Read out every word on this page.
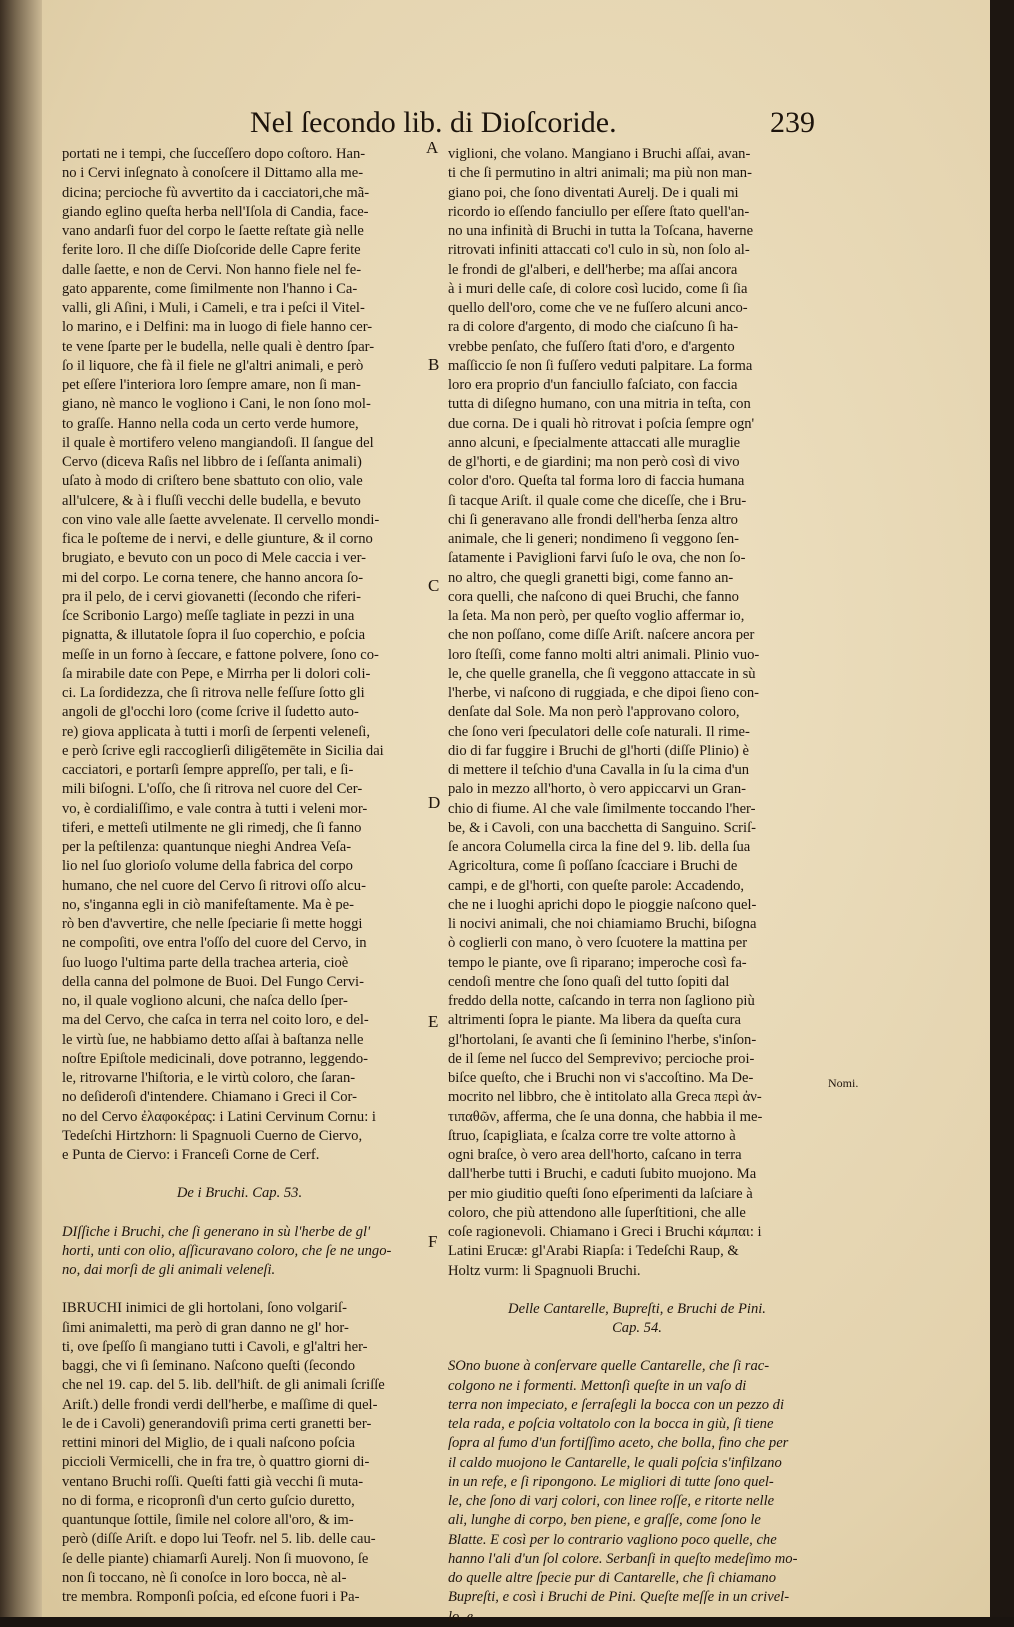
Nel ſecondo lib. di Dioſcoride.	239
portati ne i tempi, che ſucceſſero dopo coſtoro. Han-
no i Cervi inſegnato à conoſcere il Dittamo alla me-
dicina; percioche fù avvertito da i cacciatori,che mã-
giando eglino queſta herba nell'Iſola di Candia, face-
vano andarſi fuor del corpo le ſaette reſtate già nelle
ferite loro. Il che diſſe Dioſcoride delle Capre ferite
dalle ſaette, e non de Cervi. Non hanno fiele nel fe-
gato apparente, come ſimilmente non l'hanno i Ca-
valli, gli Aſini, i Muli, i Cameli, e tra i peſci il Vitel-
lo marino, e i Delfini: ma in luogo di fiele hanno cer-
te vene ſparte per le budella, nelle quali è dentro ſpar-
ſo il liquore, che fà il fiele ne gl'altri animali, e però
pet eſſere l'interiora loro ſempre amare, non ſi man-
giano, nè manco le vogliono i Cani, le non ſono mol-
to graſſe. Hanno nella coda un certo verde humore,
il quale è mortifero veleno mangiandoſi. Il ſangue del
Cervo (diceva Raſis nel libbro de i ſeſſanta animali)
uſato à modo di criſtero bene sbattuto con olio, vale
all'ulcere, & à i fluſſi vecchi delle budella, e bevuto
con vino vale alle ſaette avvelenate. Il cervello mondi-
fica le poſteme de i nervi, e delle giunture, & il corno
brugiato, e bevuto con un poco di Mele caccia i ver-
mi del corpo. Le corna tenere, che hanno ancora ſo-
pra il pelo, de i cervi giovanetti (ſecondo che riferi-
ſce Scribonio Largo) meſſe tagliate in pezzi in una
pignatta, & illutatole ſopra il ſuo coperchio, e poſcia
meſſe in un forno à ſeccare, e fattone polvere, ſono co-
ſa mirabile date con Pepe, e Mirrha per li dolori coli-
ci. La ſordidezza, che ſi ritrova nelle feſſure ſotto gli
angoli de gl'occhi loro (come ſcrive il ſudetto auto-
re) giova applicata à tutti i morſi de ſerpenti veleneſi,
e però ſcrive egli raccoglierſi diligētemēte in Sicilia dai
cacciatori, e portarſi ſempre appreſſo, per tali, e ſi-
mili biſogni. L'oſſo, che ſi ritrova nel cuore del Cer-
vo, è cordialiſſimo, e vale contra à tutti i veleni mor-
tiferi, e metteſi utilmente ne gli rimedj, che ſi fanno
per la peſtilenza: quantunque nieghi Andrea Veſa-
lio nel ſuo glorioſo volume della fabrica del corpo
humano, che nel cuore del Cervo ſi ritrovi oſſo alcu-
no, s'inganna egli in ciò manifeſtamente. Ma è pe-
rò ben d'avvertire, che nelle ſpeciarie ſi mette hoggi
ne compoſiti, ove entra l'oſſo del cuore del Cervo, in
ſuo luogo l'ultima parte della trachea arteria, cioè
della canna del polmone de Buoi. Del Fungo Cervi-
no, il quale vogliono alcuni, che naſca dello ſper-
ma del Cervo, che caſca in terra nel coito loro, e del-
le virtù ſue, ne habbiamo detto aſſai à baſtanza nelle
noſtre Epiſtole medicinali, dove potranno, leggendo-
le, ritrovarne l'hiſtoria, e le virtù coloro, che ſaran-
no deſideroſi d'intendere. Chiamano i Greci il Cor-
no del Cervo ἐλαφοκέρας: i Latini Cervinum Cornu: i
Tedeſchi Hirtzhorn: li Spagnuoli Cuerno de Ciervo,
e Punta de Ciervo: i Franceſi Corne de Cerf.
De i Bruchi. Cap. 53.
DIſſiche i Bruchi, che ſi generano in sù l'herbe de gl'
horti, unti con olio, aſſicuravano coloro, che ſe ne ungo-
no, dai morſi de gli animali veleneſi.
IBRUCHI inimici de gli hortolani, ſono volgariſ-
ſimi animaletti, ma però di gran danno ne gl' hor-
ti, ove ſpeſſo ſi mangiano tutti i Cavoli, e gl'altri her-
baggi, che vi ſi ſeminano. Naſcono queſti (ſecondo
che nel 19. cap. del 5. lib. dell'hiſt. de gli animali ſcriſſe
Ariſt.) delle frondi verdi dell'herbe, e maſſime di quel-
le de i Cavoli) generandoviſi prima certi granetti ber-
rettini minori del Miglio, de i quali naſcono poſcia
piccioli Vermicelli, che in fra tre, ò quattro giorni di-
ventano Bruchi roſſi. Queſti fatti già vecchi ſi muta-
no di forma, e ricopronſi d'un certo guſcio duretto,
quantunque ſottile, ſimile nel colore all'oro, & im-
però (diſſe Ariſt. e dopo lui Teofr. nel 5. lib. delle cau-
ſe delle piante) chiamarſi Aurelj. Non ſi muovono, ſe
non ſi toccano, nè ſi conoſce in loro bocca, nè al-
tre membra. Romponſi poſcia, ed eſcone fuori i Pa-
viglioni, che volano. Mangiano i Bruchi aſſai, avan-
ti che ſi permutino in altri animali; ma più non man-
giano poi, che ſono diventati Aurelj. De i quali mi
ricordo io eſſendo fanciullo per eſſere ſtato quell'an-
no una infinità di Bruchi in tutta la Toſcana, haverne
ritrovati infiniti attaccati co'l culo in sù, non ſolo al-
le frondi de gl'alberi, e dell'herbe; ma aſſai ancora
à i muri delle caſe, di colore così lucido, come ſi ſia
quello dell'oro, come che ve ne fuſſero alcuni anco-
ra di colore d'argento, di modo che ciaſcuno ſi ha-
vrebbe penſato, che fuſſero ſtati d'oro, e d'argento
maſſiccio ſe non ſi fuſſero veduti palpitare. La forma
loro era proprio d'un fanciullo faſciato, con faccia
tutta di diſegno humano, con una mitria in teſta, con
due corna. De i quali hò ritrovat i poſcia ſempre ogn'
anno alcuni, e ſpecialmente attaccati alle muraglie
de gl'horti, e de giardini; ma non però così di vivo
color d'oro. Queſta tal forma loro di faccia humana
ſi tacque Ariſt. il quale come che diceſſe, che i Bru-
chi ſi generavano alle frondi dell'herba ſenza altro
animale, che li generi; nondimeno ſi veggono ſen-
ſatamente i Paviglioni farvi ſuſo le ova, che non ſo-
no altro, che quegli granetti bigi, come fanno an-
cora quelli, che naſcono di quei Bruchi, che fanno
la ſeta. Ma non però, per queſto voglio affermar io,
che non poſſano, come diſſe Ariſt. naſcere ancora per
loro ſteſſi, come fanno molti altri animali. Plinio vuo-
le, che quelle granella, che ſi veggono attaccate in sù
l'herbe, vi naſcono di ruggiada, e che dipoi ſieno con-
denſate dal Sole. Ma non però l'approvano coloro,
che ſono veri ſpeculatori delle coſe naturali. Il rime-
dio di far fuggire i Bruchi de gl'horti (diſſe Plinio) è
di mettere il teſchio d'una Cavalla in ſu la cima d'un
palo in mezzo all'horto, ò vero appiccarvi un Gran-
chio di fiume. Al che vale ſimilmente toccando l'her-
be, & i Cavoli, con una bacchetta di Sanguino. Scriſ-
ſe ancora Columella circa la fine del 9. lib. della ſua
Agricoltura, come ſi poſſano ſcacciare i Bruchi de
campi, e de gl'horti, con queſte parole: Accadendo,
che ne i luoghi aprichi dopo le pioggie naſcono quel-
li nocivi animali, che noi chiamiamo Bruchi, biſogna
ò coglierli con mano, ò vero ſcuotere la mattina per
tempo le piante, ove ſi riparano; imperoche così fa-
cendoſi mentre che ſono quaſi del tutto ſopiti dal
freddo della notte, caſcando in terra non ſagliono più
altrimenti ſopra le piante. Ma libera da queſta cura
gl'hortolani, ſe avanti che ſi ſeminino l'herbe, s'inſon-
de il ſeme nel ſucco del Semprevivo; percioche proi-
biſce queſto, che i Bruchi non vi s'accoſtino. Ma De-
mocrito nel libbro, che è intitolato alla Greca περὶ ἀν-
τιπαθῶν, afferma, che ſe una donna, che habbia il me-
ſtruo, ſcapigliata, e ſcalza corre tre volte attorno à
ogni braſce, ò vero area dell'horto, caſcano in terra
dall'herbe tutti i Bruchi, e caduti ſubito muojono. Ma
per mio giuditio queſti ſono eſperimenti da laſciare à
coloro, che più attendono alle ſuperſtitioni, che alle
coſe ragionevoli. Chiamano i Greci i Bruchi κάμπαι: i
Latini Erucæ: gl'Arabi Riapſa: i Tedeſchi Raup, &
Holtz vurm: li Spagnuoli Bruchi.
Delle Cantarelle, Bupreſti, e Bruchi de Pini.
Cap. 54.
SOno buone à conſervare quelle Cantarelle, che ſi rac-
colgono ne i formenti. Mettonſi queſte in un vaſo di
terra non impeciato, e ſerraſegli la bocca con un pezzo di
tela rada, e poſcia voltatolo con la bocca in giù, ſi tiene
ſopra al fumo d'un fortiſſimo aceto, che bolla, fino che per
il caldo muojono le Cantarelle, le quali poſcia s'infilzano
in un refe, e ſi ripongono. Le migliori di tutte ſono quel-
le, che ſono di varj colori, con linee roſſe, e ritorte nelle
ali, lunghe di corpo, ben piene, e graſſe, come ſono le
Blatte. E così per lo contrario vagliono poco quelle, che
hanno l'ali d'un ſol colore. Serbanſi in queſto medeſimo mo-
do quelle altre ſpecie pur di Cantarelle, che ſi chiamano
Bupreſti, e così i Bruchi de Pini. Queſte meſſe in un crivel-
lo, e
A
B
C
D
E
F
Nomi.
